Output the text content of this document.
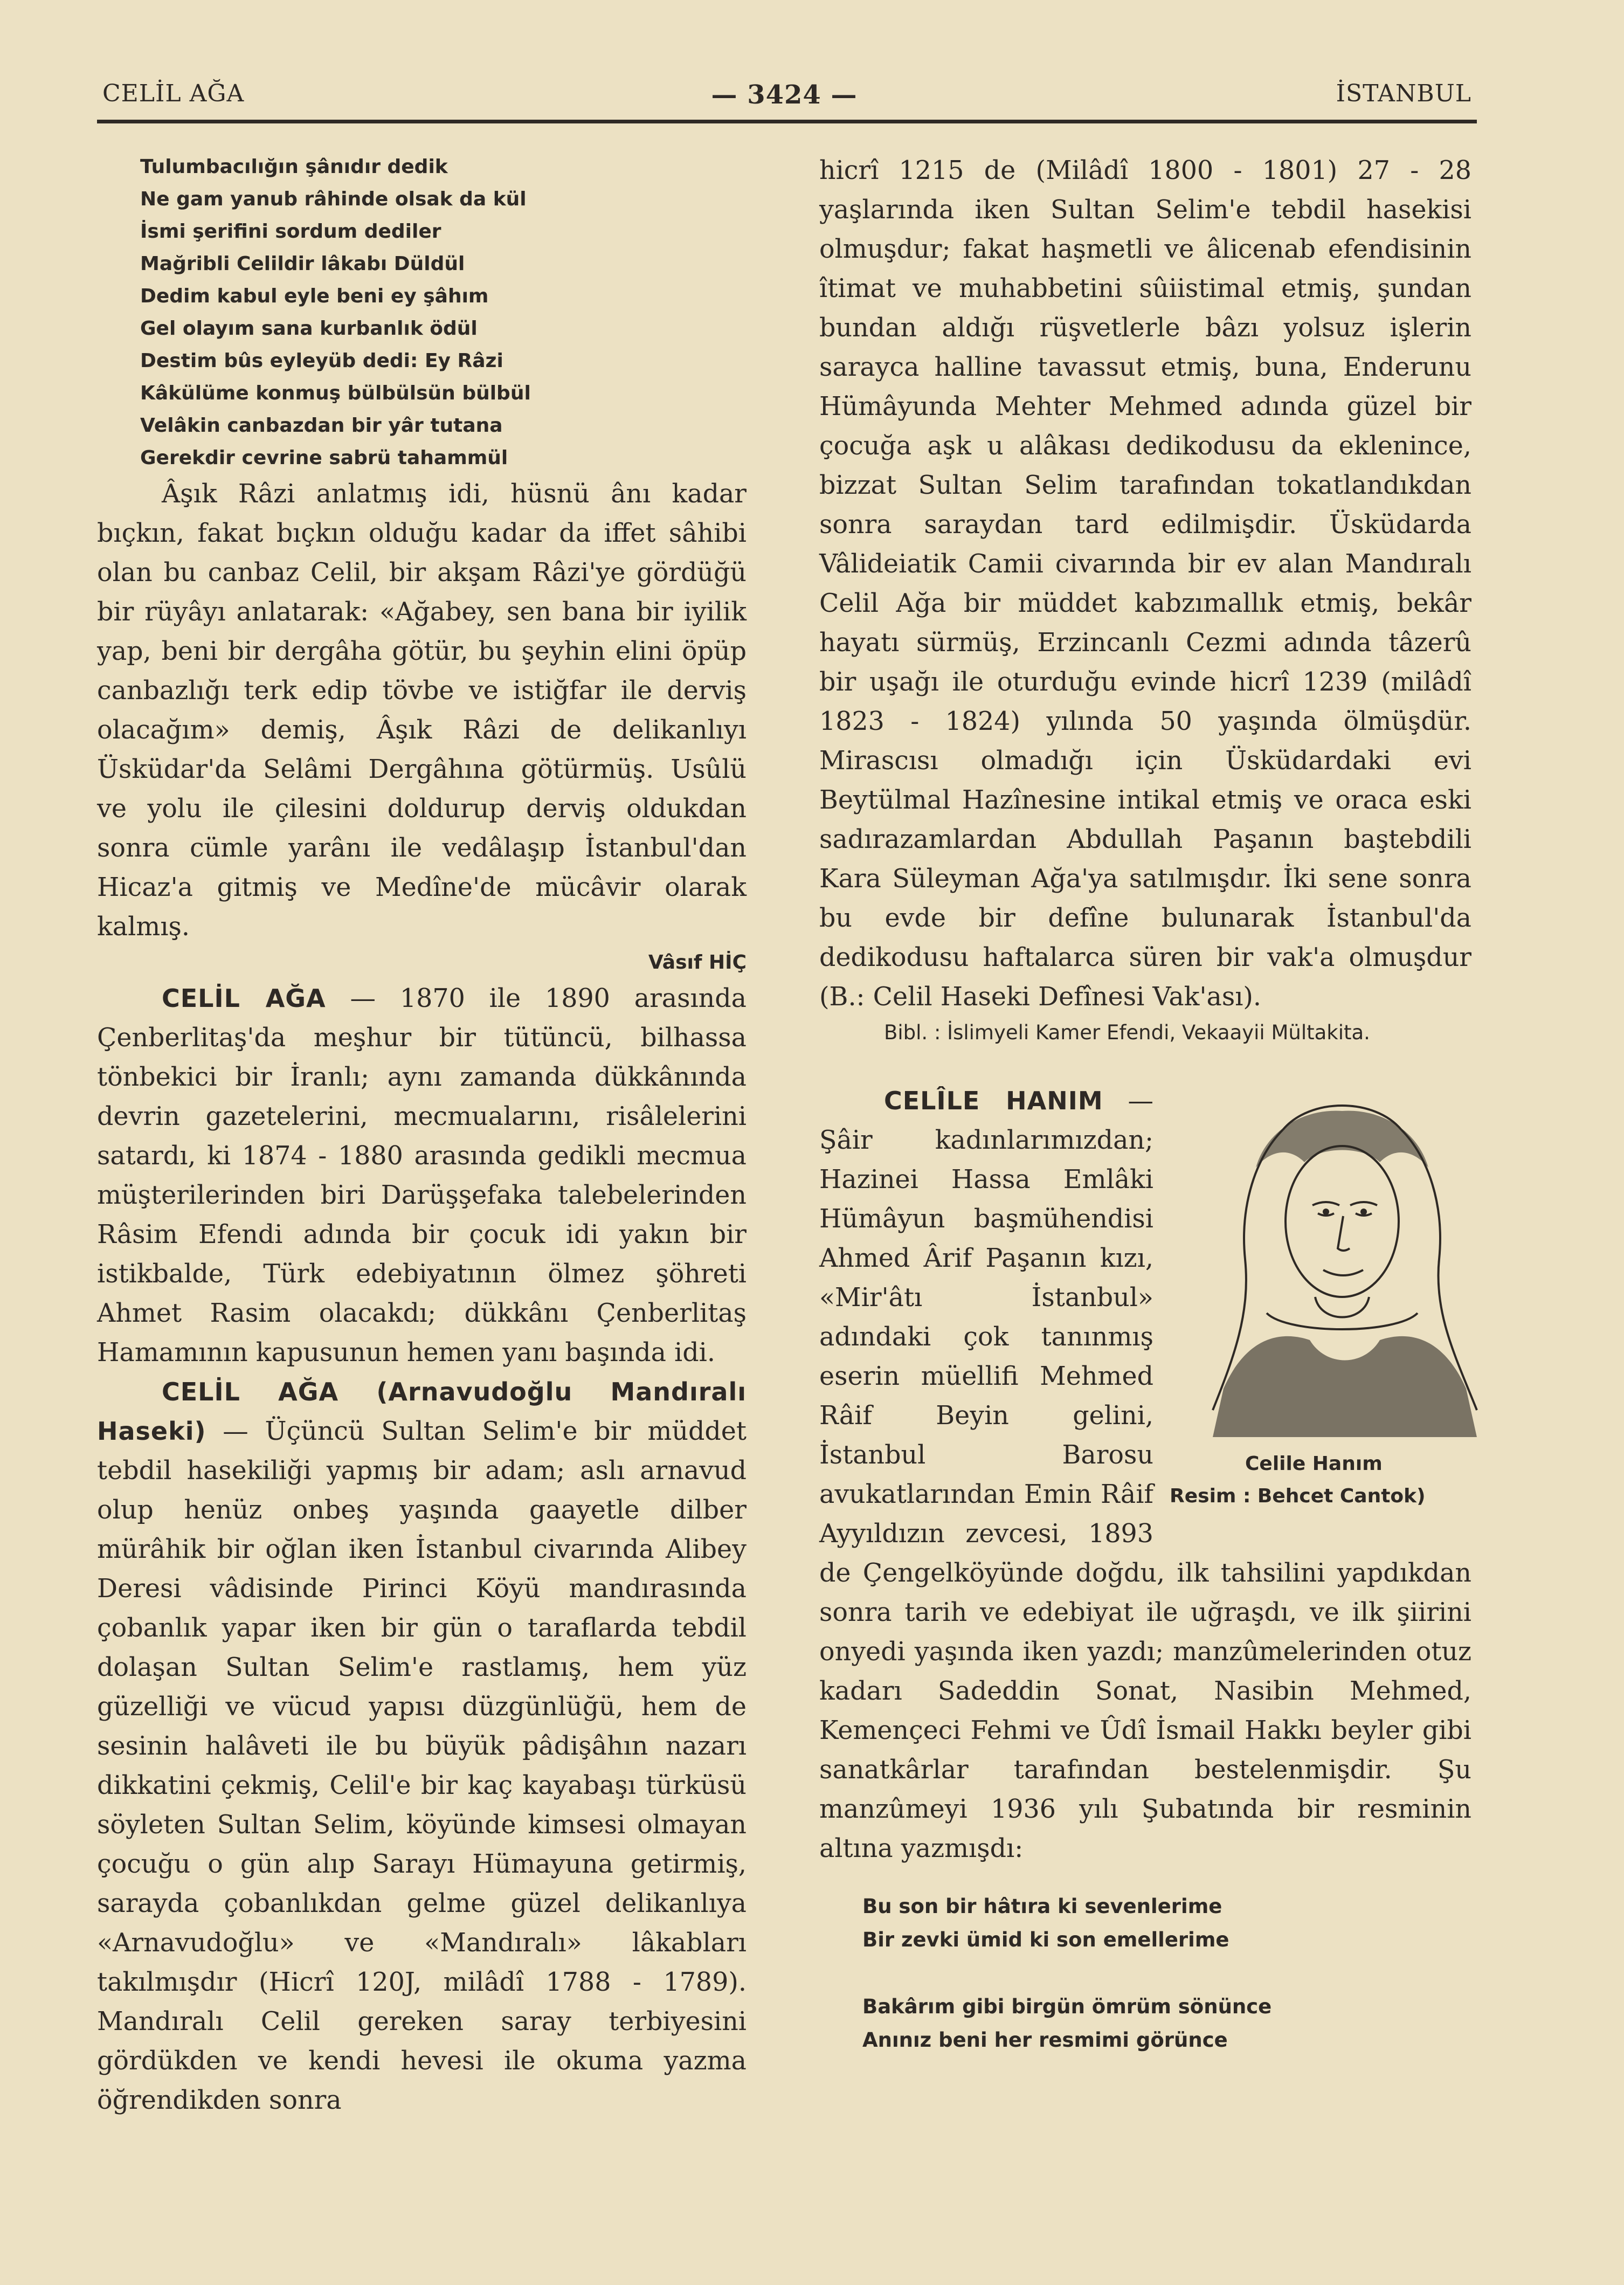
CELİL AĞA	— 3424 —	İSTANBUL
Tulumbacılığın şânıdır dedik
Ne gam yanub râhinde olsak da kül
İsmi şerifini sordum dediler
Mağribli Celildir lâkabı Düldül
Dedim kabul eyle beni ey şâhım
Gel olayım sana kurbanlık ödül
Destim bûs eyleyüb dedi: Ey Râzi
Kâkülüme konmuş bülbülsün bülbül
Velâkin canbazdan bir yâr tutana
Gerekdir cevrine sabrü tahammül

Âşık Râzi anlatmış idi, hüsnü ânı kadar bıçkın, fakat bıçkın olduğu kadar da iffet sâhibi olan bu canbaz Celil, bir akşam Râzi'ye gördüğü bir rüyâyı anlatarak: «Ağabey, sen bana bir iyilik yap, beni bir dergâha götür, bu şeyhin elini öpüp canbazlığı terk edip tövbe ve istiğfar ile derviş olacağım» demiş, Âşık Râzi de delikanlıyı Üsküdar'da Selâmi Dergâhına götürmüş. Usûlü ve yolu ile çilesini doldurup derviş oldukdan sonra cümle yarânı ile vedâlaşıp İstanbul'dan Hicaz'a gitmiş ve Medîne'de mücâvir olarak kalmış.

Vâsıf HİÇ

CELİL AĞA — 1870 ile 1890 arasında Çenberlitaş'da meşhur bir tütüncü, bilhassa tönbekici bir İranlı; aynı zamanda dükkânında devrin gazetelerini, mecmualarını, risâlelerini satardı, ki 1874 - 1880 arasında gedikli mecmua müşterilerinden biri Darüşşefaka talebelerinden Râsim Efendi adında bir çocuk idi yakın bir istikbalde, Türk edebiyatının ölmez şöhreti Ahmet Rasim olacakdı; dükkânı Çenberlitaş Hamamının kapusunun hemen yanı başında idi.

CELİL AĞA (Arnavudoğlu Mandıralı Haseki) — Üçüncü Sultan Selim'e bir müddet tebdil hasekiliği yapmış bir adam; aslı arnavud olup henüz onbeş yaşında gaayetle dilber mürâhik bir oğlan iken İstanbul civarında Alibey Deresi vâdisinde Pirinci Köyü mandırasında çobanlık yapar iken bir gün o taraflarda tebdil dolaşan Sultan Selim'e rastlamış, hem yüz güzelliği ve vücud yapısı düzgünlüğü, hem de sesinin halâveti ile bu büyük pâdişâhın nazarı dikkatini çekmiş, Celil'e bir kaç kayabaşı türküsü söyleten Sultan Selim, köyünde kimsesi olmayan çocuğu o gün alıp Sarayı Hümayuna getirmiş, sarayda çobanlıkdan gelme güzel delikanlıya «Arnavudoğlu» ve «Mandıralı» lâkabları takılmışdır (Hicrî 120J, milâdî 1788 - 1789). Mandıralı Celil gereken saray terbiyesini gördükden ve kendi hevesi ile okuma yazma öğrendikden sonra

hicrî 1215 de (Milâdî 1800 - 1801) 27 - 28 yaşlarında iken Sultan Selim'e tebdil hasekisi olmuşdur; fakat haşmetli ve âlicenab efendisinin îtimat ve muhabbetini sûiistimal etmiş, şundan bundan aldığı rüşvetlerle bâzı yolsuz işlerin sarayca halline tavassut etmiş, buna, Enderunu Hümâyunda Mehter Mehmed adında güzel bir çocuğa aşk u alâkası dedikodusu da eklenince, bizzat Sultan Selim tarafından tokatlandıkdan sonra saraydan tard edilmişdir. Üsküdarda Vâlideiatik Camii civarında bir ev alan Mandıralı Celil Ağa bir müddet kabzımallık etmiş, bekâr hayatı sürmüş, Erzincanlı Cezmi adında tâzerû bir uşağı ile oturduğu evinde hicrî 1239 (milâdî 1823 - 1824) yılında 50 yaşında ölmüşdür. Mirascısı olmadığı için Üsküdardaki evi Beytülmal Hazînesine intikal etmiş ve oraca eski sadırazamlardan Abdullah Paşanın baştebdili Kara Süleyman Ağa'ya satılmışdır. İki sene sonra bu evde bir defîne bulunarak İstanbul'da dedikodusu haftalarca süren bir vak'a olmuşdur (B.: Celil Haseki Defînesi Vak'ası).

Bibl. : İslimyeli Kamer Efendi, Vekaayii Mültakita.
Celile Hanım
Resim : Behcet Cantok)

CELÎLE HANIM — Şâir kadınlarımızdan; Hazinei Hassa Emlâki Hümâyun başmühendisi Ahmed Ârif Paşanın kızı, «Mir'âtı İstanbul» adındaki çok tanınmış eserin müellifi Mehmed Râif Beyin gelini, İstanbul Barosu avukatlarından Emin Râif Ayyıldızın zevcesi, 1893 de Çengelköyünde doğdu, ilk tahsilini yapdıkdan sonra tarih ve edebiyat ile uğraşdı, ve ilk şiirini onyedi yaşında iken yazdı; manzûmelerinden otuz kadarı Sadeddin Sonat, Nasibin Mehmed, Kemençeci Fehmi ve Ûdî İsmail Hakkı beyler gibi sanatkârlar tarafından bestelenmişdir. Şu manzûmeyi 1936 yılı Şubatında bir resminin altına yazmışdı:

Bu son bir hâtıra ki sevenlerime
Bir zevki ümid ki son emellerime

Bakârım gibi birgün ömrüm sönünce
Anınız beni her resmimi görünce
